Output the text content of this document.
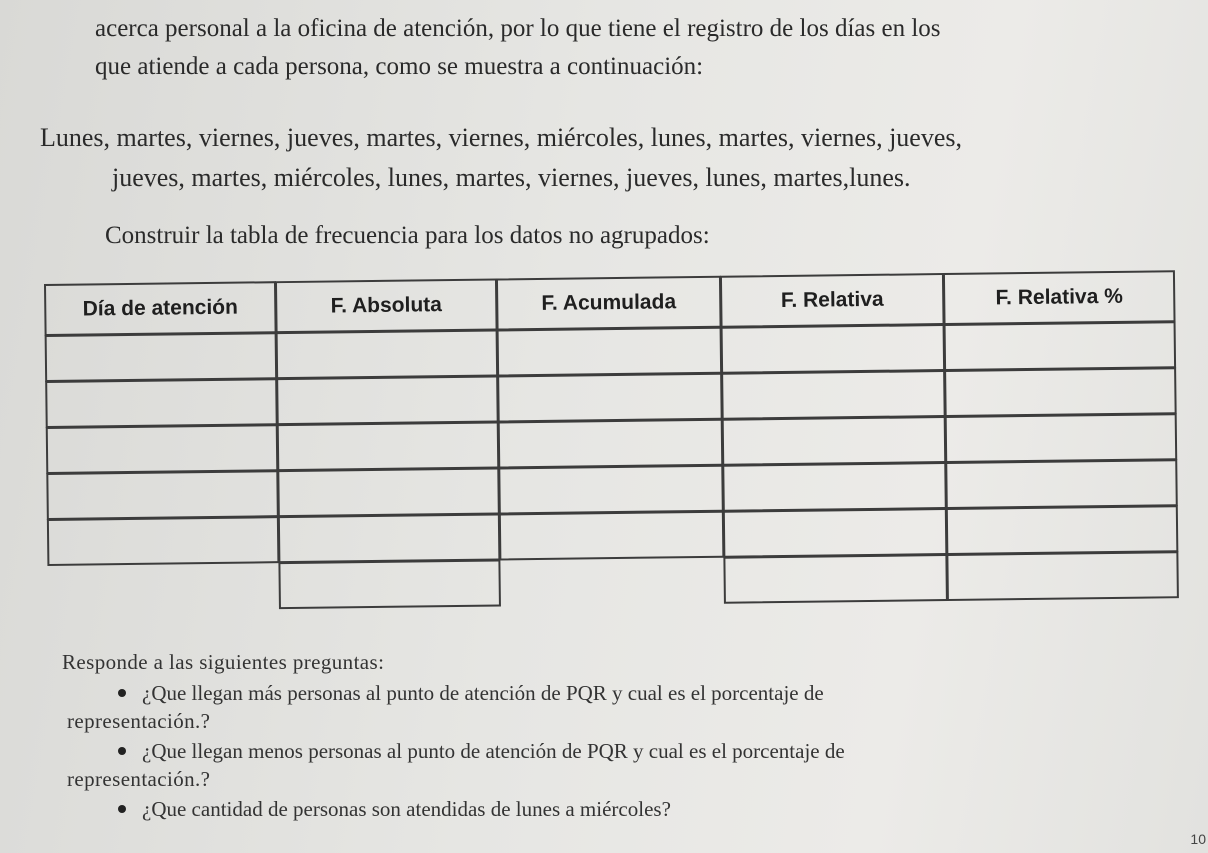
acerca personal a la oficina de atención, por lo que tiene el registro de los días en los
que atiende a cada persona, como se muestra a continuación:
Lunes, martes, viernes, jueves, martes, viernes, miércoles, lunes, martes, viernes, jueves,
jueves, martes, miércoles, lunes, martes, viernes, jueves, lunes, martes,lunes.
Construir la tabla de frecuencia para los datos no agrupados:
Día de atención	F. Absoluta	F. Acumulada	F. Relativa	F. Relativa %
Responde a las siguientes preguntas:
¿Que llegan más personas al punto de atención de PQR y cual es el porcentaje de
representación.?
¿Que llegan menos personas al punto de atención de PQR y cual es el porcentaje de
representación.?
¿Que cantidad de personas son atendidas de lunes a miércoles?
10
